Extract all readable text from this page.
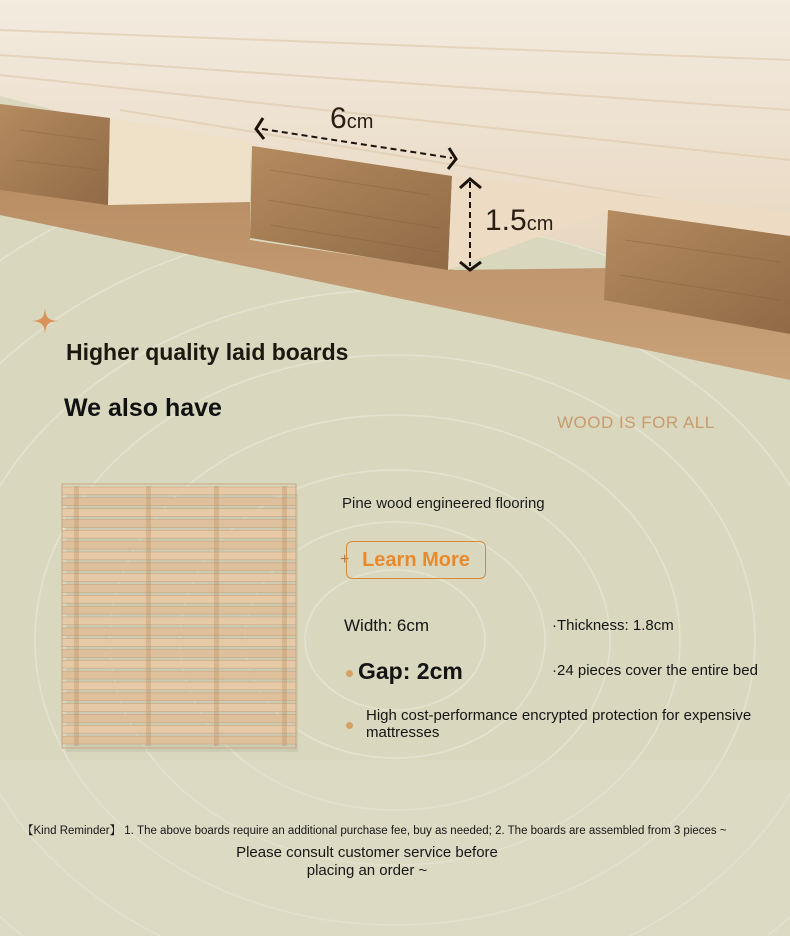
6cm
1.5cm
Higher quality laid boards
We also have
WOOD IS FOR ALL
Pine wood engineered flooring
+ Learn More
Width: 6cm	·Thickness: 1.8cm
Gap: 2cm	·24 pieces cover the entire bed
High cost-performance encrypted protection for expensive mattresses
【Kind Reminder】 1. The above boards require an additional purchase fee, buy as needed; 2. The boards are assembled from 3 pieces ~
Please consult customer service before placing an order ~
